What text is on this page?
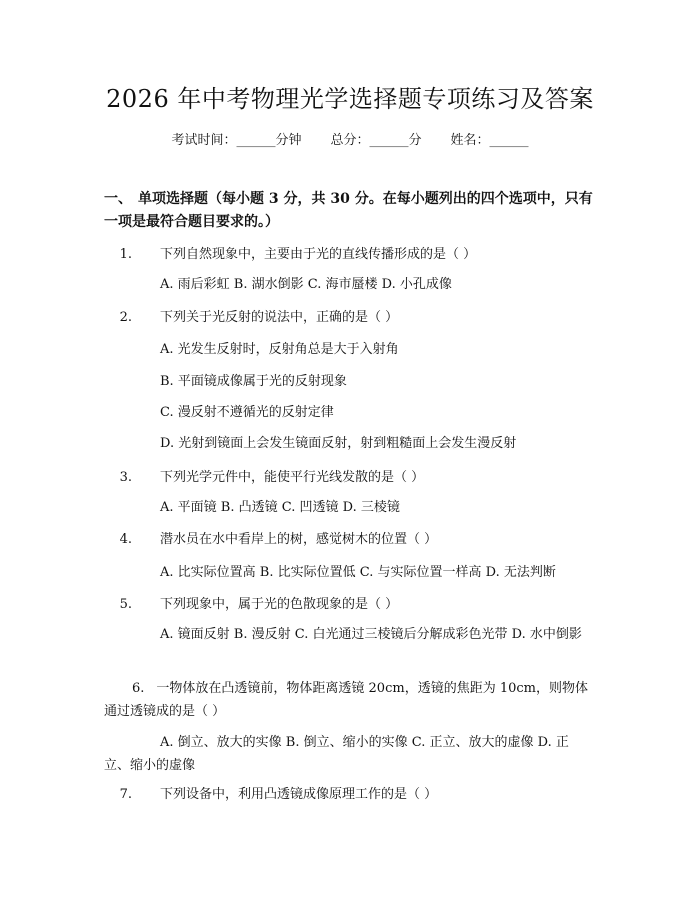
2026 年中考物理光学选择题专项练习及答案
考试时间：______分钟 总分：______分 姓名：______
一、 单项选择题（每小题 3 分，共 30 分。在每小题列出的四个选项中，只有一项是最符合题目要求的。）
1. 下列自然现象中，主要由于光的直线传播形成的是（ ）
A. 雨后彩虹 B. 湖水倒影 C. 海市蜃楼 D. 小孔成像
2. 下列关于光反射的说法中，正确的是（ ）
A. 光发生反射时，反射角总是大于入射角
B. 平面镜成像属于光的反射现象
C. 漫反射不遵循光的反射定律
D. 光射到镜面上会发生镜面反射，射到粗糙面上会发生漫反射
3. 下列光学元件中，能使平行光线发散的是（ ）
A. 平面镜 B. 凸透镜 C. 凹透镜 D. 三棱镜
4. 潜水员在水中看岸上的树，感觉树木的位置（ ）
A. 比实际位置高 B. 比实际位置低 C. 与实际位置一样高 D. 无法判断
5. 下列现象中，属于光的色散现象的是（ ）
A. 镜面反射 B. 漫反射 C. 白光通过三棱镜后分解成彩色光带 D. 水中倒影
6. 一物体放在凸透镜前，物体距离透镜 20cm，透镜的焦距为 10cm，则物体通过透镜成的是（ ）
A. 倒立、放大的实像 B. 倒立、缩小的实像 C. 正立、放大的虚像 D. 正立、缩小的虚像
7. 下列设备中，利用凸透镜成像原理工作的是（ ）
